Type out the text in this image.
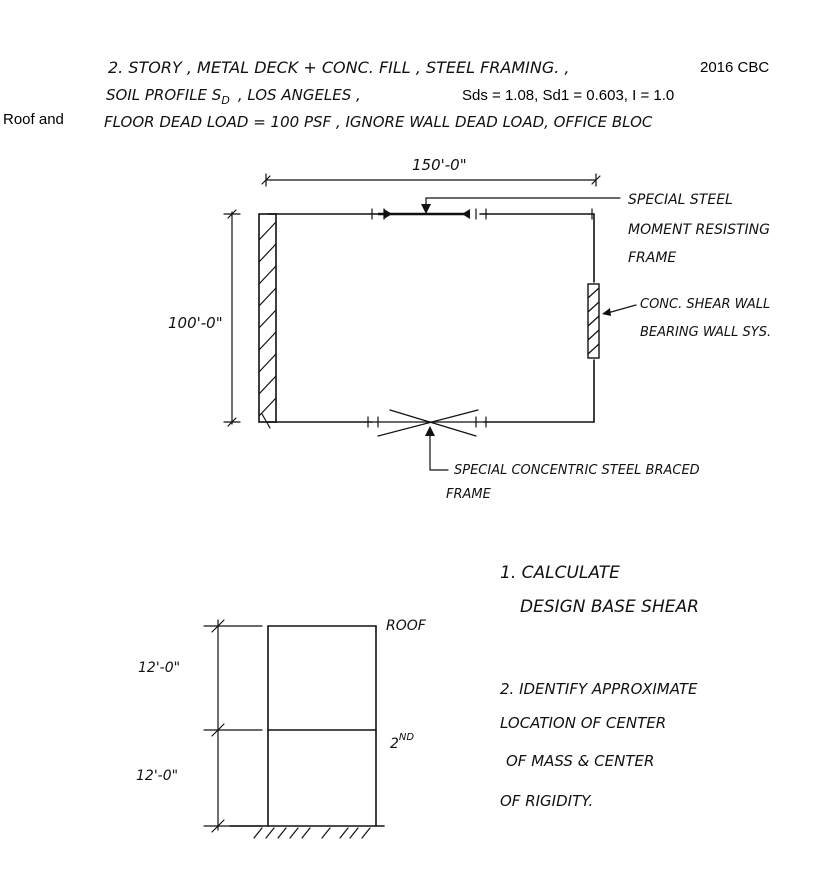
2. STORY , METAL DECK + CONC. FILL , STEEL FRAMING. ,	2016 CBC
SOIL PROFILE $S_D$ , LOS ANGELES ,	Sds = 1.08, Sd1 = 0.603, I = 1.0
Roof and	FLOOR DEAD LOAD = 100 PSF , IGNORE WALL DEAD LOAD, OFFICE BLOC
150'-0"
100'-0"
SPECIAL STEEL MOMENT RESISTING FRAME
CONC. SHEAR WALL BEARING WALL SYS.
SPECIAL CONCENTRIC STEEL BRACED FRAME
ROOF
2ND
12'-0"
12'-0"
1. CALCULATE DESIGN BASE SHEAR
2. IDENTIFY APPROXIMATE LOCATION OF CENTER OF MASS & CENTER OF RIGIDITY.
